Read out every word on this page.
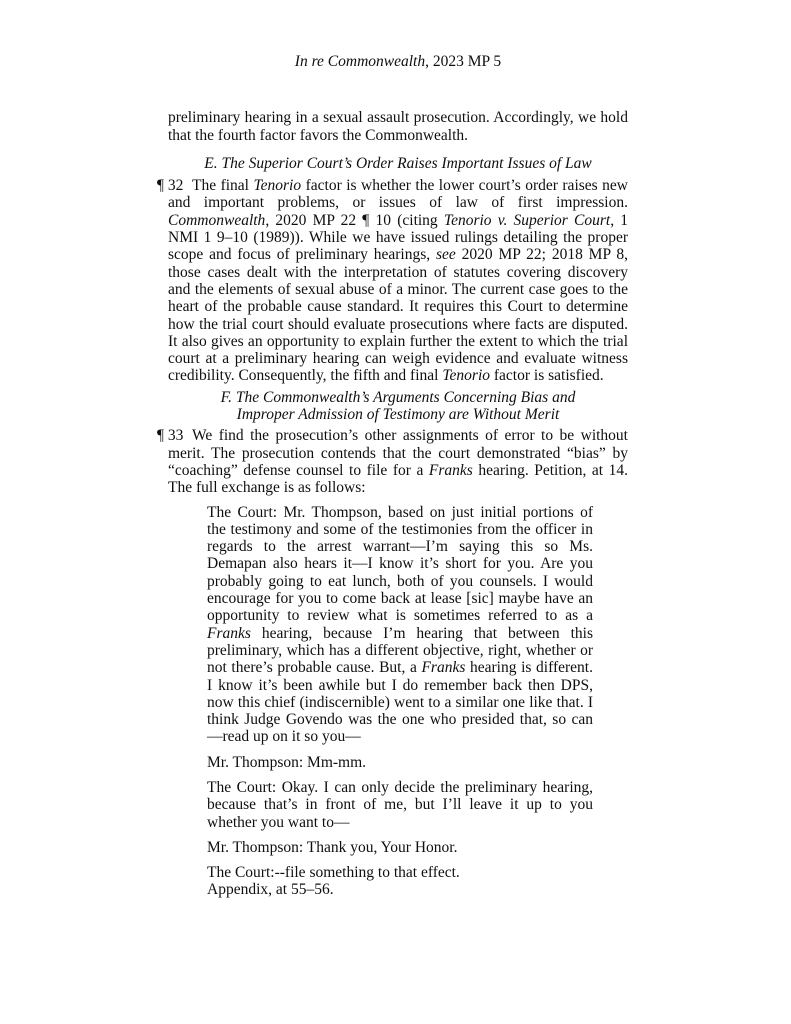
In re Commonwealth, 2023 MP 5

preliminary hearing in a sexual assault prosecution. Accordingly, we hold that the fourth factor favors the Commonwealth.

E. The Superior Court’s Order Raises Important Issues of Law

¶ 32 The final Tenorio factor is whether the lower court’s order raises new and important problems, or issues of law of first impression. Commonwealth, 2020 MP 22 ¶ 10 (citing Tenorio v. Superior Court, 1 NMI 1 9–10 (1989)). While we have issued rulings detailing the proper scope and focus of preliminary hearings, see 2020 MP 22; 2018 MP 8, those cases dealt with the interpretation of statutes covering discovery and the elements of sexual abuse of a minor. The current case goes to the heart of the probable cause standard. It requires this Court to determine how the trial court should evaluate prosecutions where facts are disputed. It also gives an opportunity to explain further the extent to which the trial court at a preliminary hearing can weigh evidence and evaluate witness credibility. Consequently, the fifth and final Tenorio factor is satisfied.

F. The Commonwealth’s Arguments Concerning Bias and
Improper Admission of Testimony are Without Merit

¶ 33 We find the prosecution’s other assignments of error to be without merit. The prosecution contends that the court demonstrated “bias” by “coaching” defense counsel to file for a Franks hearing. Petition, at 14. The full exchange is as follows:

The Court: Mr. Thompson, based on just initial portions of the testimony and some of the testimonies from the officer in regards to the arrest warrant—I’m saying this so Ms. Demapan also hears it—I know it’s short for you. Are you probably going to eat lunch, both of you counsels. I would encourage for you to come back at lease [sic] maybe have an opportunity to review what is sometimes referred to as a Franks hearing, because I’m hearing that between this preliminary, which has a different objective, right, whether or not there’s probable cause. But, a Franks hearing is different. I know it’s been awhile but I do remember back then DPS, now this chief (indiscernible) went to a similar one like that. I think Judge Govendo was the one who presided that, so can—read up on it so you—

Mr. Thompson: Mm-mm.

The Court: Okay. I can only decide the preliminary hearing, because that’s in front of me, but I’ll leave it up to you whether you want to—

Mr. Thompson: Thank you, Your Honor.

The Court:--file something to that effect.
Appendix, at 55–56.
